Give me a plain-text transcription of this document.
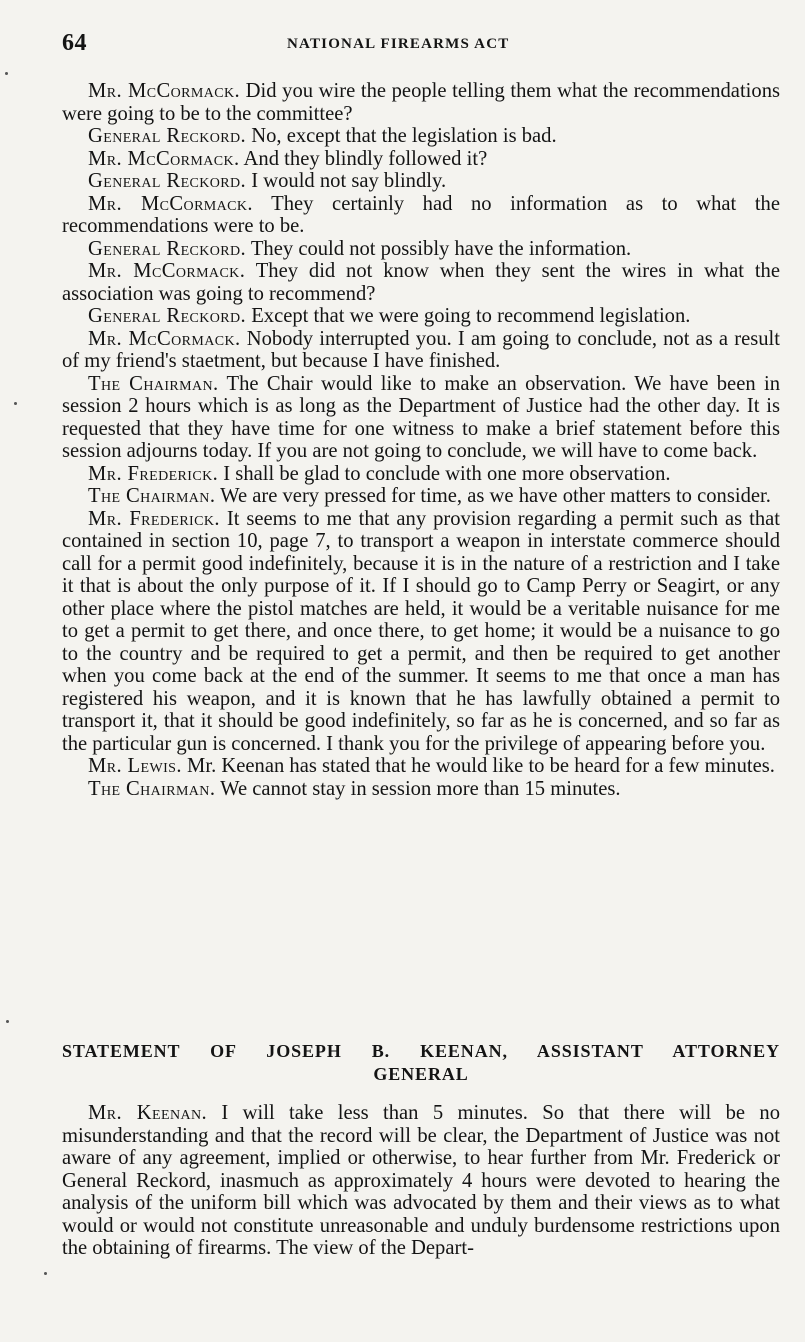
64	NATIONAL FIREARMS ACT

Mr. McCormack. Did you wire the people telling them what the recommendations were going to be to the committee?

General Reckord. No, except that the legislation is bad.

Mr. McCormack. And they blindly followed it?

General Reckord. I would not say blindly.

Mr. McCormack. They certainly had no information as to what the recommendations were to be.

General Reckord. They could not possibly have the information.

Mr. McCormack. They did not know when they sent the wires in what the association was going to recommend?

General Reckord. Except that we were going to recommend legislation.

Mr. McCormack. Nobody interrupted you. I am going to conclude, not as a result of my friend's staetment, but because I have finished.

The Chairman. The Chair would like to make an observation. We have been in session 2 hours which is as long as the Department of Justice had the other day. It is requested that they have time for one witness to make a brief statement before this session adjourns today. If you are not going to conclude, we will have to come back.

Mr. Frederick. I shall be glad to conclude with one more observation.

The Chairman. We are very pressed for time, as we have other matters to consider.

Mr. Frederick. It seems to me that any provision regarding a permit such as that contained in section 10, page 7, to transport a weapon in interstate commerce should call for a permit good indefinitely, because it is in the nature of a restriction and I take it that is about the only purpose of it. If I should go to Camp Perry or Seagirt, or any other place where the pistol matches are held, it would be a veritable nuisance for me to get a permit to get there, and once there, to get home; it would be a nuisance to go to the country and be required to get a permit, and then be required to get another when you come back at the end of the summer. It seems to me that once a man has registered his weapon, and it is known that he has lawfully obtained a permit to transport it, that it should be good indefinitely, so far as he is concerned, and so far as the particular gun is concerned. I thank you for the privilege of appearing before you.

Mr. Lewis. Mr. Keenan has stated that he would like to be heard for a few minutes.

The Chairman. We cannot stay in session more than 15 minutes.

STATEMENT OF JOSEPH B. KEENAN, ASSISTANT ATTORNEY
GENERAL

Mr. Keenan. I will take less than 5 minutes. So that there will be no misunderstanding and that the record will be clear, the Department of Justice was not aware of any agreement, implied or otherwise, to hear further from Mr. Frederick or General Reckord, inasmuch as approximately 4 hours were devoted to hearing the analysis of the uniform bill which was advocated by them and their views as to what would or would not constitute unreasonable and unduly burdensome restrictions upon the obtaining of firearms. The view of the Depart-
